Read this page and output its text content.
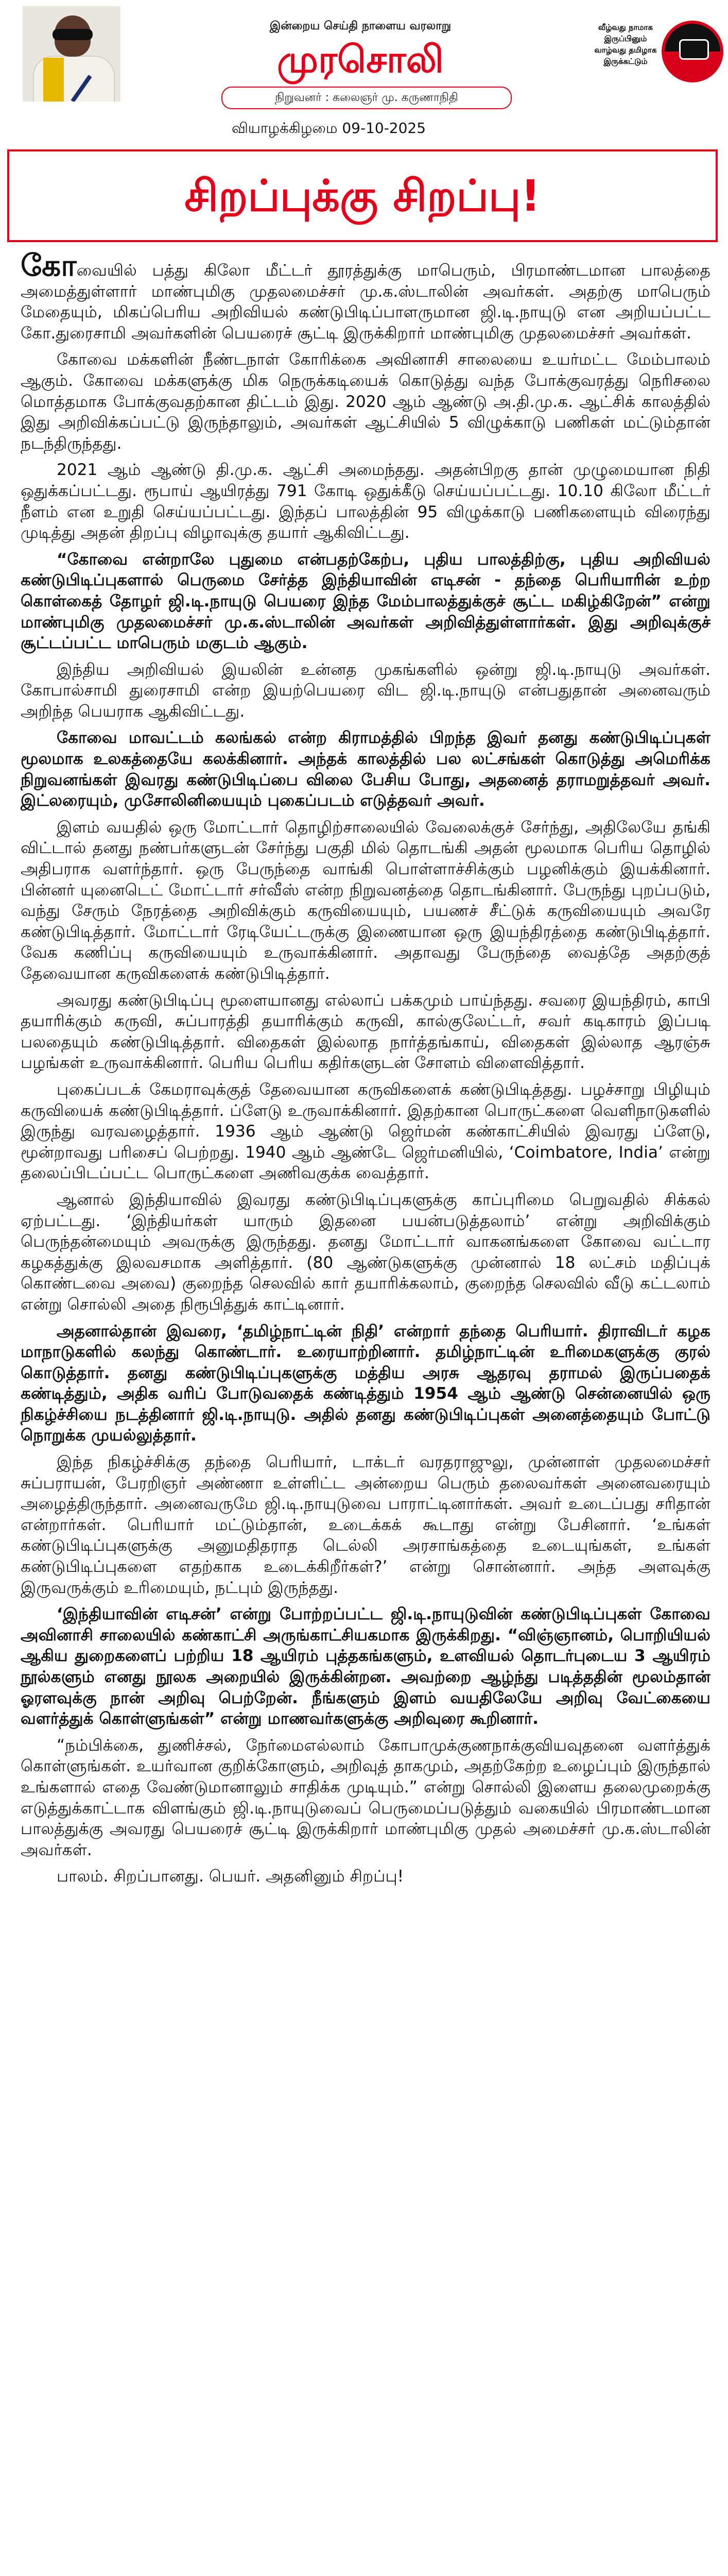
இன்றைய செய்தி நாளைய வரலாறு
முரசொலி
நிறுவனர் : கலைஞர் மு. கருணாநிதி
வீழ்வது நாமாக இருப்பினும் வாழ்வது தமிழாக இருக்கட்டும்
வியாழக்கிழமை 09-10-2025
சிறப்புக்கு சிறப்பு!

கோவையில் பத்து கிலோ மீட்டர் தூரத்துக்கு மாபெரும், பிரமாண்டமான பாலத்தை அமைத்துள்ளார் மாண்புமிகு முதலமைச்சர் மு.க.ஸ்டாலின் அவர்கள். அதற்கு மாபெரும் மேதையும், மிகப்பெரிய அறிவியல் கண்டுபிடிப்பாளருமான ஜி.டி.நாயுடு என அறியப்பட்ட கோ.துரைசாமி அவர்களின் பெயரைச் சூட்டி இருக்கிறார் மாண்புமிகு முதலமைச்சர் அவர்கள்.

கோவை மக்களின் நீண்டநாள் கோரிக்கை அவினாசி சாலையை உயர்மட்ட மேம்பாலம் ஆகும். கோவை மக்களுக்கு மிக நெருக்கடியைக் கொடுத்து வந்த போக்குவரத்து நெரிசலை மொத்தமாக போக்குவதற்கான திட்டம் இது. 2020 ஆம் ஆண்டு அ.தி.மு.க. ஆட்சிக் காலத்தில் இது அறிவிக்கப்பட்டு இருந்தாலும், அவர்கள் ஆட்சியில் 5 விழுக்காடு பணிகள் மட்டும்தான் நடந்திருந்தது.

2021 ஆம் ஆண்டு தி.மு.க. ஆட்சி அமைந்தது. அதன்பிறகு தான் முழுமையான நிதி ஒதுக்கப்பட்டது. ரூபாய் ஆயிரத்து 791 கோடி ஒதுக்கீடு செய்யப்பட்டது. 10.10 கிலோ மீட்டர் நீளம் என உறுதி செய்யப்பட்டது. இந்தப் பாலத்தின் 95 விழுக்காடு பணிகளையும் விரைந்து முடித்து அதன் திறப்பு விழாவுக்கு தயார் ஆகிவிட்டது.

“கோவை என்றாலே புதுமை என்பதற்கேற்ப, புதிய பாலத்திற்கு, புதிய அறிவியல் கண்டுபிடிப்புகளால் பெருமை சேர்த்த இந்தியாவின் எடிசன் - தந்தை பெரியாரின் உற்ற கொள்கைத் தோழர் ஜி.டி.நாயுடு பெயரை இந்த மேம்பாலத்துக்குச் சூட்ட மகிழ்கிறேன்” என்று மாண்புமிகு முதலமைச்சர் மு.க.ஸ்டாலின் அவர்கள் அறிவித்துள்ளார்கள். இது அறிவுக்குச் சூட்டப்பட்ட மாபெரும் மகுடம் ஆகும்.

இந்திய அறிவியல் இயலின் உன்னத முகங்களில் ஒன்று ஜி.டி.நாயுடு அவர்கள். கோபால்சாமி துரைசாமி என்ற இயற்பெயரை விட ஜி.டி.நாயுடு என்பதுதான் அனைவரும் அறிந்த பெயராக ஆகிவிட்டது.

கோவை மாவட்டம் கலங்கல் என்ற கிராமத்தில் பிறந்த இவர் தனது கண்டுபிடிப்புகள் மூலமாக உலகத்தையே கலக்கினார். அந்தக் காலத்தில் பல லட்சங்கள் கொடுத்து அமெரிக்க நிறுவனங்கள் இவரது கண்டுபிடிப்பை விலை பேசிய போது, அதனைத் தராமறுத்தவர் அவர். இட்லரையும், முசோலினியையும் புகைப்படம் எடுத்தவர் அவர்.

இளம் வயதில் ஒரு மோட்டார் தொழிற்சாலையில் வேலைக்குச் சேர்ந்து, அதிலேயே தங்கி விட்டால் தனது நண்பர்களுடன் சேர்ந்து பகுதி மில் தொடங்கி அதன் மூலமாக பெரிய தொழில் அதிபராக வளர்ந்தார். ஒரு பேருந்தை வாங்கி பொள்ளாச்சிக்கும் பழனிக்கும் இயக்கினார். பின்னர் யுனைடெட் மோட்டார் சர்வீஸ் என்ற நிறுவனத்தை தொடங்கினார். பேருந்து புறப்படும், வந்து சேரும் நேரத்தை அறிவிக்கும் கருவியையும், பயணச் சீட்டுக் கருவியையும் அவரே கண்டுபிடித்தார். மோட்டார் ரேடியேட்டருக்கு இணையான ஒரு இயந்திரத்தை கண்டுபிடித்தார். வேக கணிப்பு கருவியையும் உருவாக்கினார். அதாவது பேருந்தை வைத்தே அதற்குத் தேவையான கருவிகளைக் கண்டுபிடித்தார்.

அவரது கண்டுபிடிப்பு மூளையானது எல்லாப் பக்கமும் பாய்ந்தது. சவரை இயந்திரம், காபி தயாரிக்கும் கருவி, சுப்பாரத்தி தயாரிக்கும் கருவி, கால்குலேட்டர், சவர் கடிகாரம் இப்படி பலதையும் கண்டுபிடித்தார். விதைகள் இல்லாத நார்த்தங்காய், விதைகள் இல்லாத ஆரஞ்சு பழங்கள் உருவாக்கினார். பெரிய பெரிய கதிர்களுடன் சோளம் விளைவித்தார்.

புகைப்படக் கேமராவுக்குத் தேவையான கருவிகளைக் கண்டுபிடித்தது. பழச்சாறு பிழியும் கருவியைக் கண்டுபிடித்தார். ப்ளேடு உருவாக்கினார். இதற்கான பொருட்களை வெளிநாடுகளில் இருந்து வரவழைத்தார். 1936 ஆம் ஆண்டு ஜெர்மன் கண்காட்சியில் இவரது ப்ளேடு, மூன்றாவது பரிசைப் பெற்றது. 1940 ஆம் ஆண்டே ஜெர்மனியில், ‘Coimbatore, India’ என்று தலைப்பிடப்பட்ட பொருட்களை அணிவகுக்க வைத்தார்.

ஆனால் இந்தியாவில் இவரது கண்டுபிடிப்புகளுக்கு காப்புரிமை பெறுவதில் சிக்கல் ஏற்பட்டது. ‘இந்தியர்கள் யாரும் இதனை பயன்படுத்தலாம்’ என்று அறிவிக்கும் பெருந்தன்மையும் அவருக்கு இருந்தது. தனது மோட்டார் வாகனங்களை கோவை வட்டார கழகத்துக்கு இலவசமாக அளித்தார். (80 ஆண்டுகளுக்கு முன்னால் 18 லட்சம் மதிப்புக் கொண்டவை அவை) குறைந்த செலவில் கார் தயாரிக்கலாம், குறைந்த செலவில் வீடு கட்டலாம் என்று சொல்லி அதை நிரூபித்துக் காட்டினார்.

அதனால்தான் இவரை, ‘தமிழ்நாட்டின் நிதி’ என்றார் தந்தை பெரியார். திராவிடர் கழக மாநாடுகளில் கலந்து கொண்டார். உரையாற்றினார். தமிழ்நாட்டின் உரிமைகளுக்கு குரல் கொடுத்தார். தனது கண்டுபிடிப்புகளுக்கு மத்திய அரசு ஆதரவு தராமல் இருப்பதைக் கண்டித்தும், அதிக வரிப் போடுவதைக் கண்டித்தும் 1954 ஆம் ஆண்டு சென்னையில் ஒரு நிகழ்ச்சியை நடத்தினார் ஜி.டி.நாயுடு. அதில் தனது கண்டுபிடிப்புகள் அனைத்தையும் போட்டு நொறுக்க முயல்லுத்தார்.

இந்த நிகழ்ச்சிக்கு தந்தை பெரியார், டாக்டர் வரதராஜுலு, முன்னாள் முதலமைச்சர் சுப்பராயன், பேரறிஞர் அண்ணா உள்ளிட்ட அன்றைய பெரும் தலைவர்கள் அனைவரையும் அழைத்திருந்தார். அனைவருமே ஜி.டி.நாயுடுவை பாராட்டினார்கள். அவர் உடைப்பது சரிதான் என்றார்கள். பெரியார் மட்டும்தான், உடைக்கக் கூடாது என்று பேசினார். ‘உங்கள் கண்டுபிடிப்புகளுக்கு அனுமதிதராத டெல்லி அரசாங்கத்தை உடையுங்கள், உங்கள் கண்டுபிடிப்புகளை எதற்காக உடைக்கிறீர்கள்?’ என்று சொன்னார். அந்த அளவுக்கு இருவருக்கும் உரிமையும், நட்பும் இருந்தது.

‘இந்தியாவின் எடிசன்’ என்று போற்றப்பட்ட ஜி.டி.நாயுடுவின் கண்டுபிடிப்புகள் கோவை அவினாசி சாலையில் கண்காட்சி அருங்காட்சியகமாக இருக்கிறது. “விஞ்ஞானம், பொறியியல் ஆகிய துறைகளைப் பற்றிய 18 ஆயிரம் புத்தகங்களும், உளவியல் தொடர்புடைய 3 ஆயிரம் நூல்களும் எனது நூலக அறையில் இருக்கின்றன. அவற்றை ஆழ்ந்து படித்ததின் மூலம்தான் ஓரளவுக்கு நான் அறிவு பெற்றேன். நீங்களும் இளம் வயதிலேயே அறிவு வேட்கையை வளர்த்துக் கொள்ளுங்கள்” என்று மாணவர்களுக்கு அறிவுரை கூறினார்.

“நம்பிக்கை, துணிச்சல், நேர்மைஎல்லாம் கோபாமுக்குணநாக்குவியவுதனை வளர்த்துக் கொள்ளுங்கள். உயர்வான குறிக்கோளும், அறிவுத் தாகமும், அதற்கேற்ற உழைப்பும் இருந்தால் உங்களால் எதை வேண்டுமானாலும் சாதிக்க முடியும்.” என்று சொல்லி இளைய தலைமுறைக்கு எடுத்துக்காட்டாக விளங்கும் ஜி.டி.நாயுடுவைப் பெருமைப்படுத்தும் வகையில் பிரமாண்டமான பாலத்துக்கு அவரது பெயரைச் சூட்டி இருக்கிறார் மாண்புமிகு முதல் அமைச்சர் மு.க.ஸ்டாலின் அவர்கள்.

பாலம். சிறப்பானது. பெயர். அதனினும் சிறப்பு!
